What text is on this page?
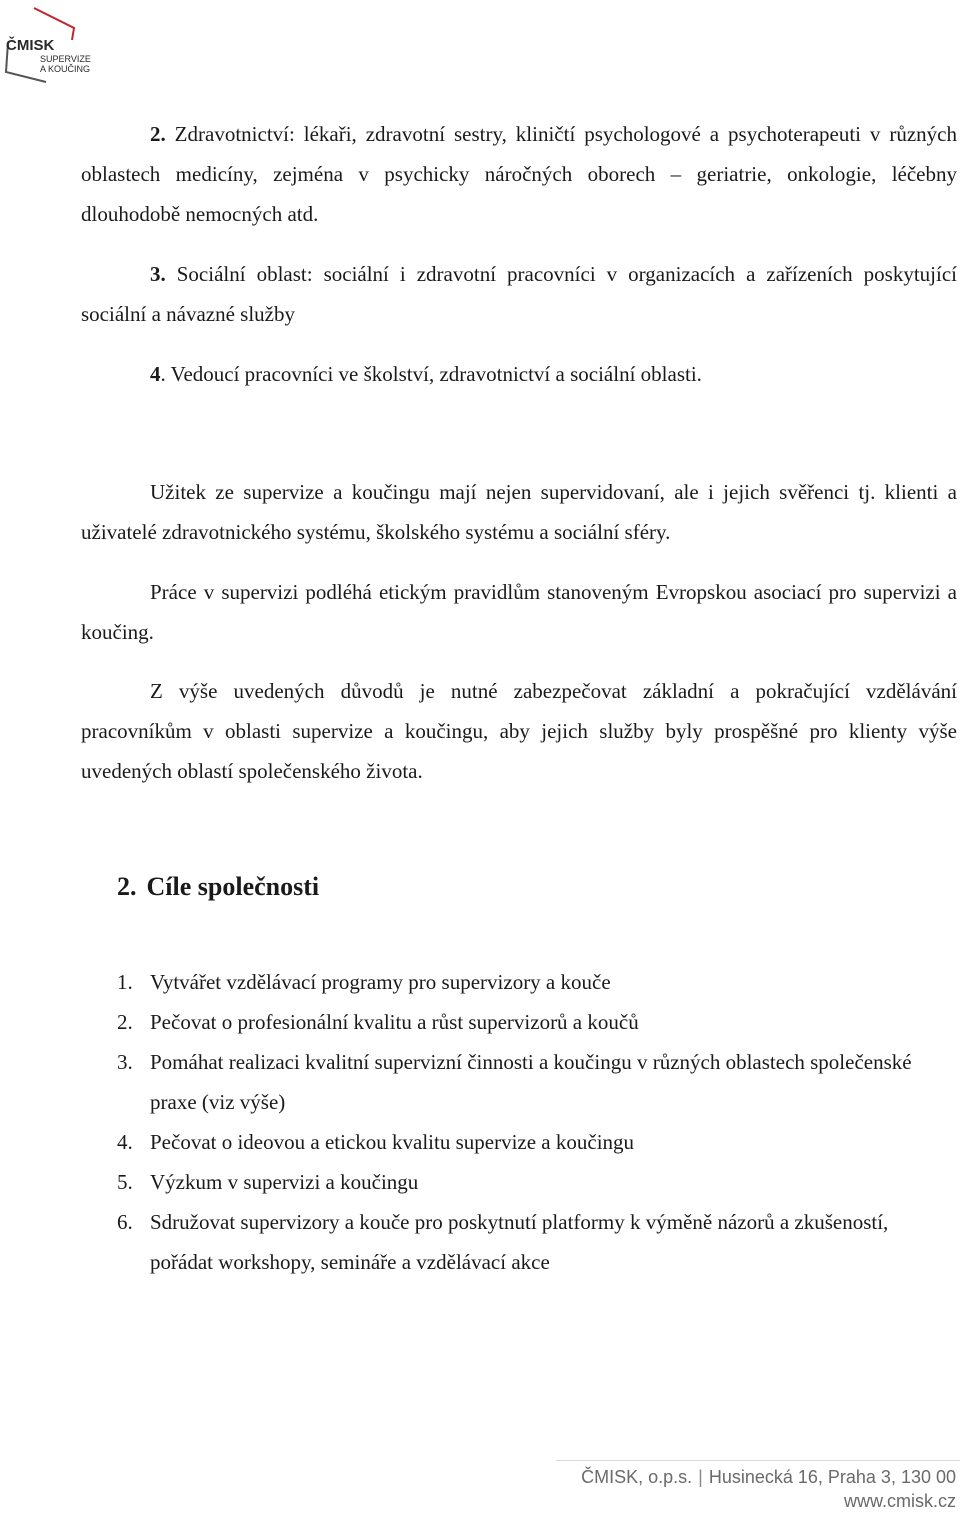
ČMISK
SUPERVIZE
A KOUČING

2. Zdravotnictví: lékaři, zdravotní sestry, kliničtí psychologové a psychoterapeuti v různých oblastech medicíny, zejména v psychicky náročných oborech – geriatrie, onkologie, léčebny dlouhodobě nemocných atd.

3. Sociální oblast: sociální i zdravotní pracovníci v organizacích a zařízeních poskytující sociální a návazné služby

4. Vedoucí pracovníci ve školství, zdravotnictví a sociální oblasti.

Užitek ze supervize a koučingu mají nejen supervidovaní, ale i jejich svěřenci tj. klienti a uživatelé zdravotnického systému, školského systému a sociální sféry.

Práce v supervizi podléhá etickým pravidlům stanoveným Evropskou asociací pro supervizi a koučing.

Z výše uvedených důvodů je nutné zabezpečovat základní a pokračující vzdělávání pracovníkům v oblasti supervize a koučingu, aby jejich služby byly prospěšné pro klienty výše uvedených oblastí společenského života.

2. Cíle společnosti
1. Vytvářet vzdělávací programy pro supervizory a kouče
2. Pečovat o profesionální kvalitu a růst supervizorů a koučů
3. Pomáhat realizaci kvalitní supervizní činnosti a koučingu v různých oblastech společenské praxe (viz výše)
4. Pečovat o ideovou a etickou kvalitu supervize a koučingu
5. Výzkum v supervizi a koučingu
6. Sdružovat supervizory a kouče pro poskytnutí platformy k výměně názorů a zkušeností, pořádat workshopy, semináře a vzdělávací akce
ČMISK, o.p.s. | Husinecká 16, Praha 3, 130 00
www.cmisk.cz
